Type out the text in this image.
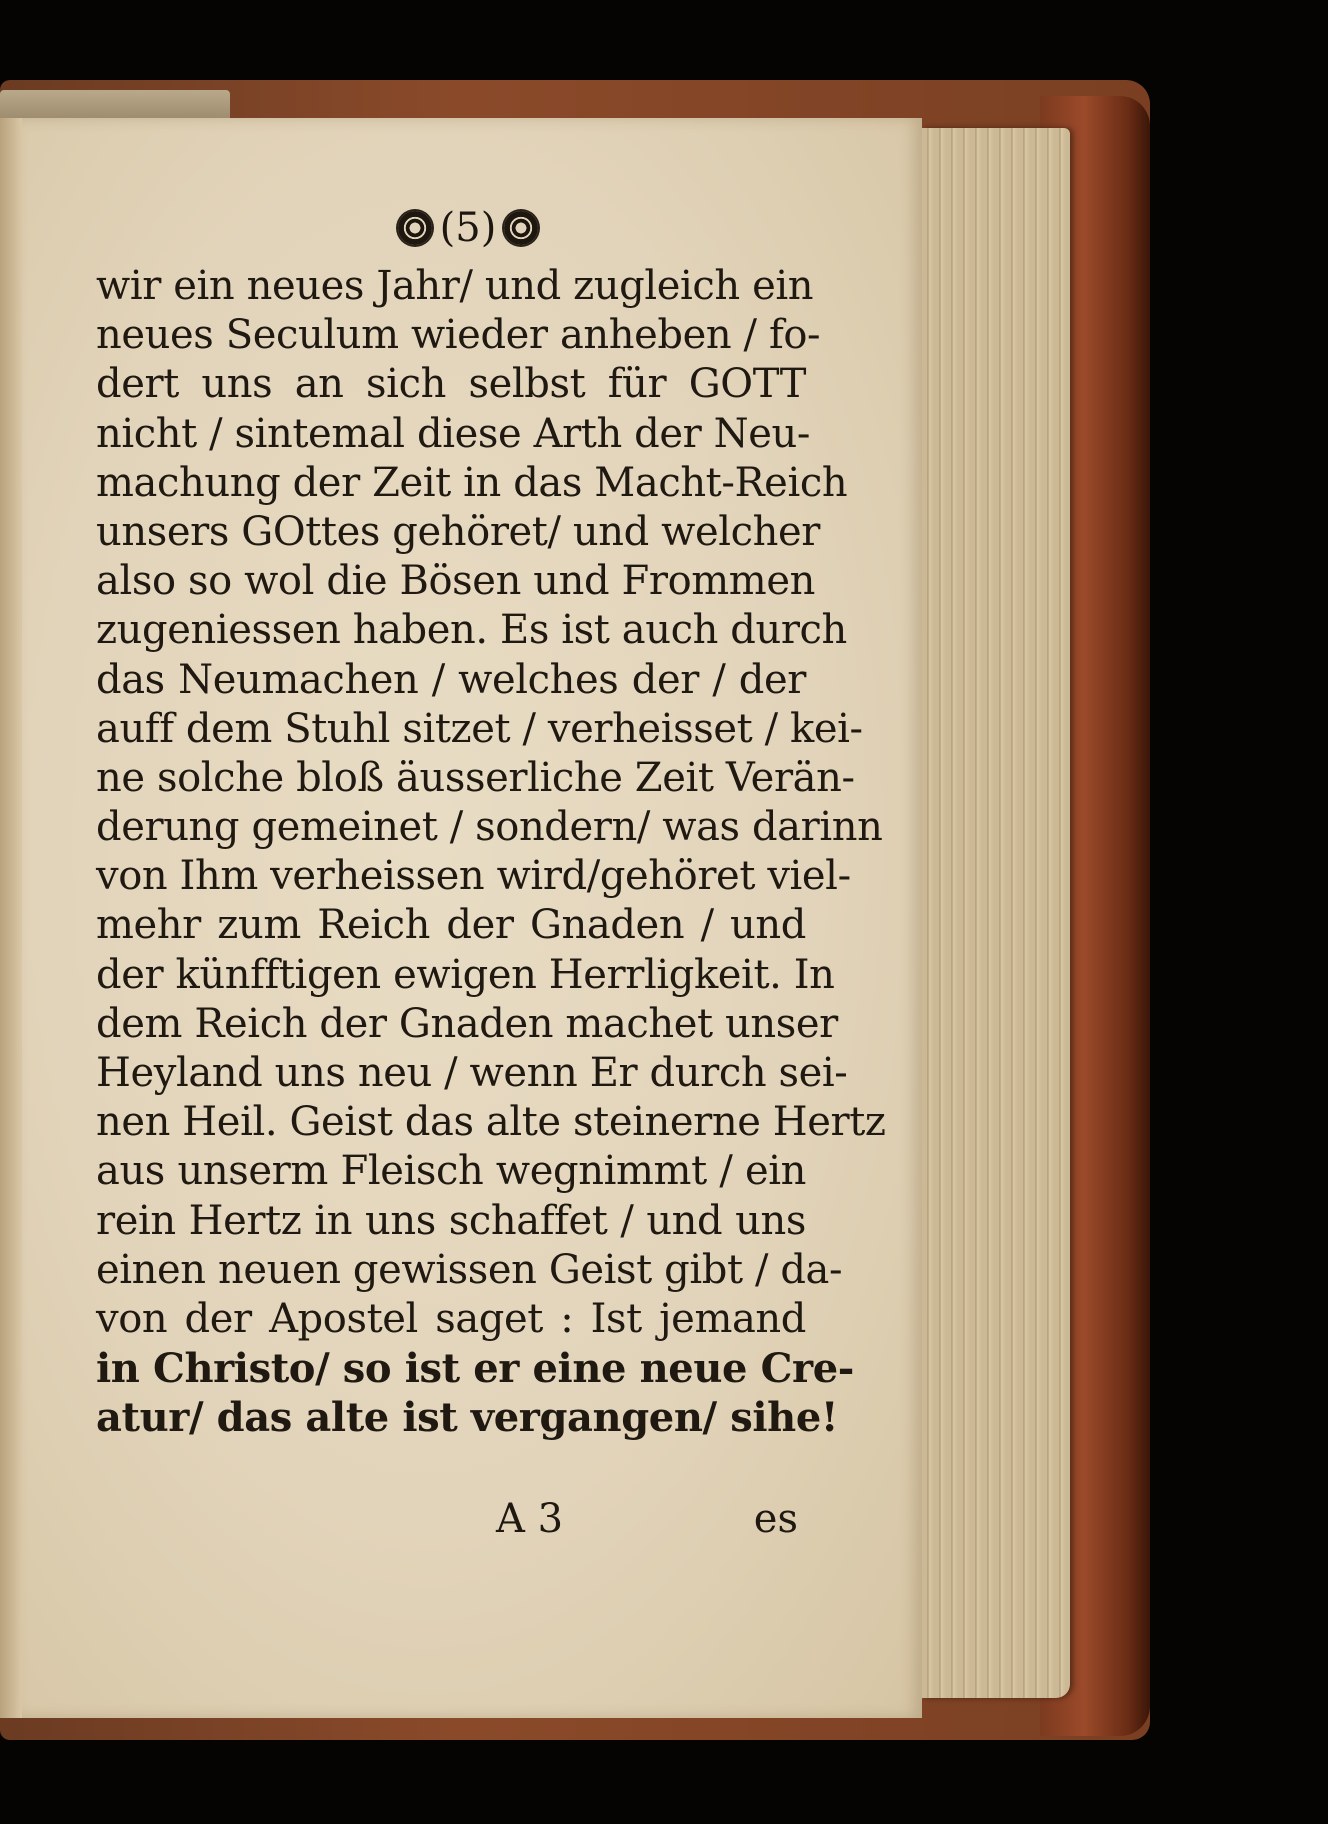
(5)
wir ein neues Jahr/ und zugleich ein
neues Seculum wieder anheben / fo-
dert uns an sich selbst für GOTT
nicht / sintemal diese Arth der Neu-
machung der Zeit in das Macht-Reich
unsers GOttes gehöret/ und welcher
also so wol die Bösen und Frommen
zugeniessen haben. Es ist auch durch
das Neumachen / welches der / der
auff dem Stuhl sitzet / verheisset / kei-
ne solche bloß äusserliche Zeit Verän-
derung gemeinet / sondern/ was darinn
von Ihm verheissen wird/gehöret viel-
mehr zum Reich der Gnaden / und
der künfftigen ewigen Herrligkeit. In
dem Reich der Gnaden machet unser
Heyland uns neu / wenn Er durch sei-
nen Heil. Geist das alte steinerne Hertz
aus unserm Fleisch wegnimmt / ein
rein Hertz in uns schaffet / und uns
einen neuen gewissen Geist gibt / da-
von der Apostel saget : Ist jemand
in Christo/ so ist er eine neue Cre-
atur/ das alte ist vergangen/ sihe!
A 3	es
